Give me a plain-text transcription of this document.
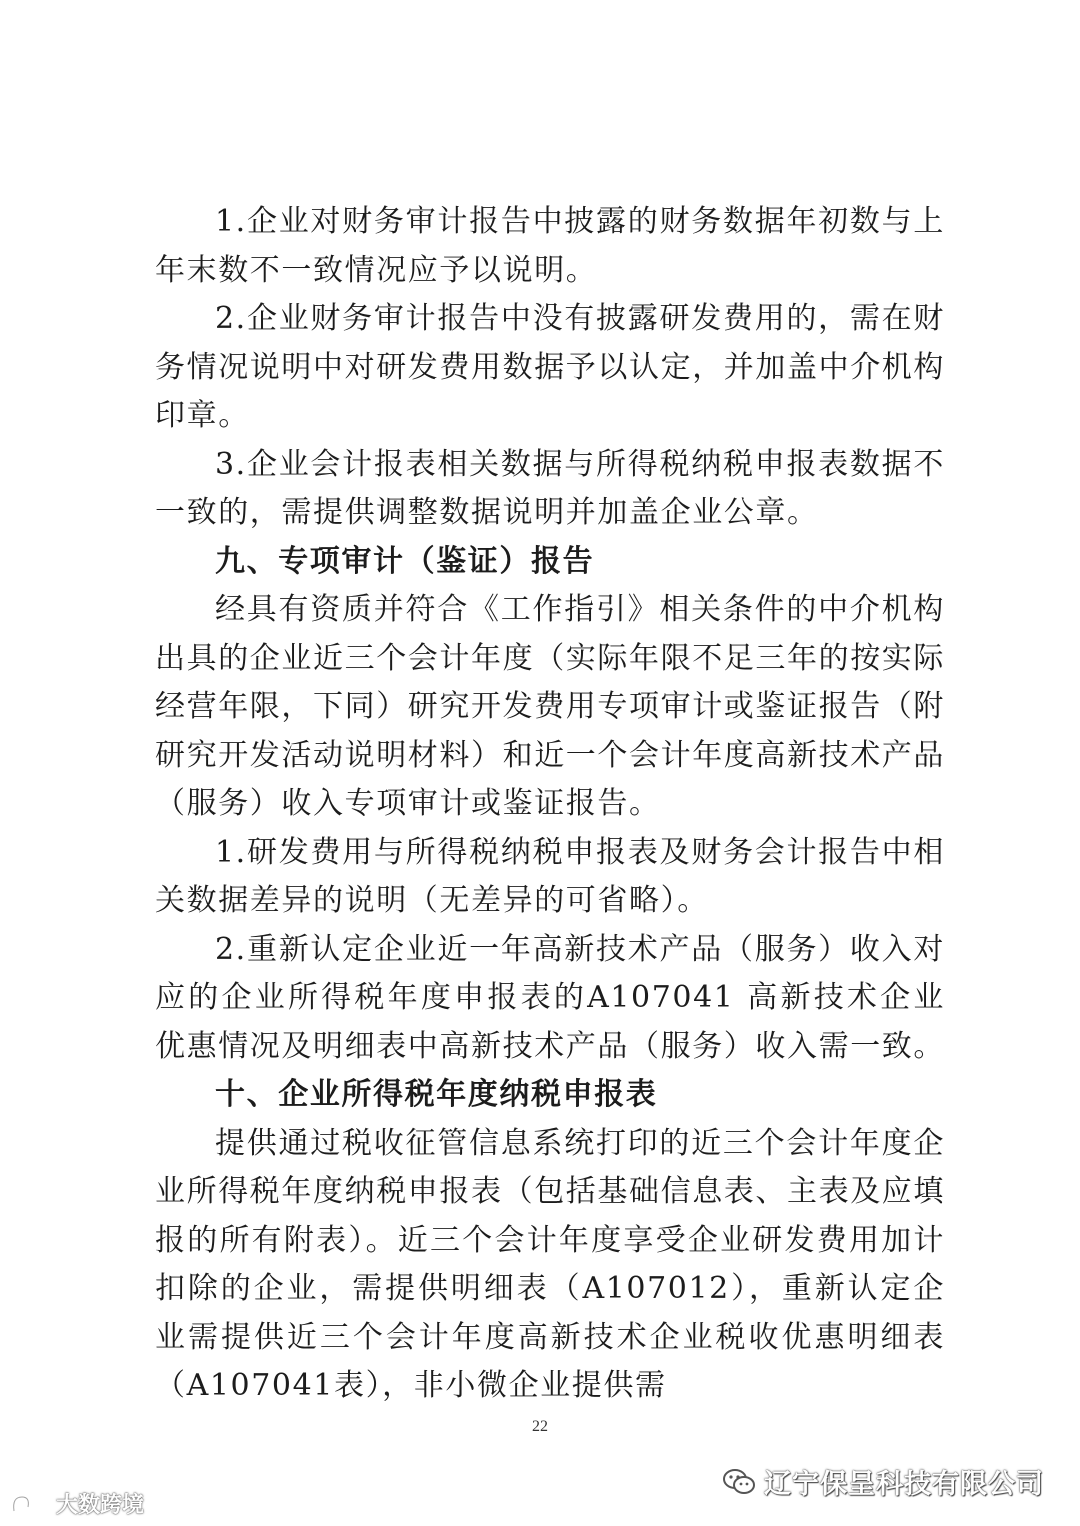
1.企业对财务审计报告中披露的财务数据年初数与上年末数不一致情况应予以说明。

2.企业财务审计报告中没有披露研发费用的，需在财务情况说明中对研发费用数据予以认定，并加盖中介机构印章。

3.企业会计报表相关数据与所得税纳税申报表数据不一致的，需提供调整数据说明并加盖企业公章。

九、专项审计（鉴证）报告

经具有资质并符合《工作指引》相关条件的中介机构出具的企业近三个会计年度（实际年限不足三年的按实际经营年限，下同）研究开发费用专项审计或鉴证报告（附研究开发活动说明材料）和近一个会计年度高新技术产品（服务）收入专项审计或鉴证报告。

1.研发费用与所得税纳税申报表及财务会计报告中相关数据差异的说明（无差异的可省略）。

2.重新认定企业近一年高新技术产品（服务）收入对应的企业所得税年度申报表的A107041 高新技术企业优惠情况及明细表中高新技术产品（服务）收入需一致。

十、企业所得税年度纳税申报表

提供通过税收征管信息系统打印的近三个会计年度企业所得税年度纳税申报表（包括基础信息表、主表及应填报的所有附表）。近三个会计年度享受企业研发费用加计扣除的企业，需提供明细表（A107012），重新认定企业需提供近三个会计年度高新技术企业税收优惠明细表（A107041表），非小微企业提供需

22
辽宁保呈科技有限公司
大数跨境
